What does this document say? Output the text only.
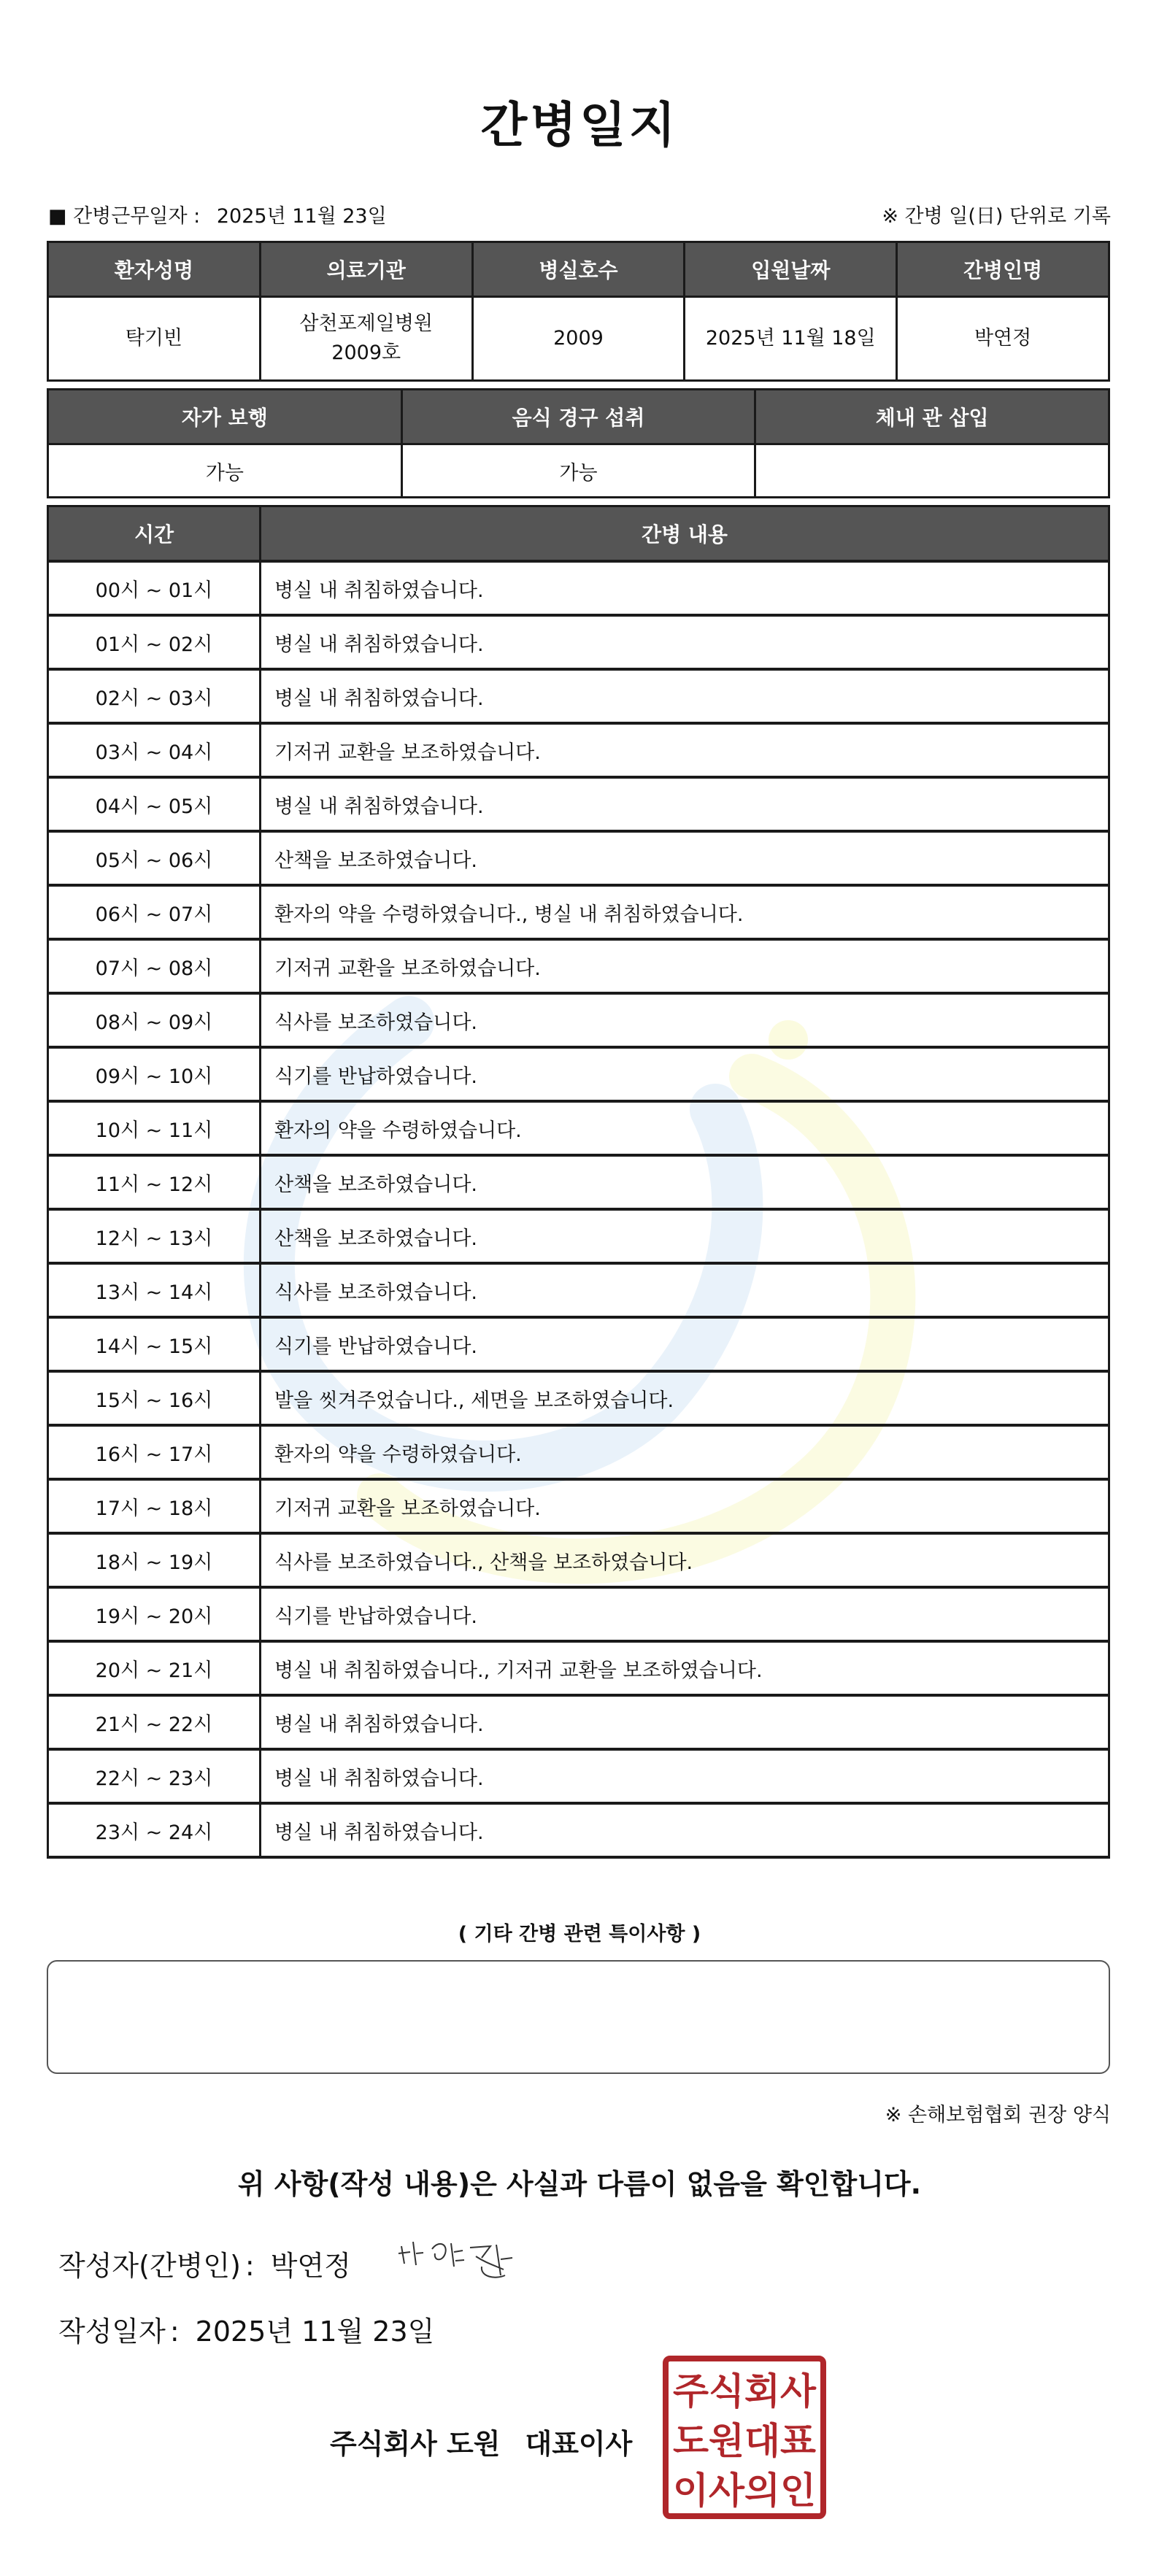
간병일지
■ 간병근무일자 : 2025년 11월 23일	※ 간병 일(日) 단위로 기록
환자성명	의료기관	병실호수	입원날짜	간병인명
탁기빈	삼천포제일병원 2009호	2009	2025년 11월 18일	박연정
자가 보행	음식 경구 섭취	체내 관 삽입
가능	가능	
시간	간병 내용
00시 ~ 01시	병실 내 취침하였습니다.
01시 ~ 02시	병실 내 취침하였습니다.
02시 ~ 03시	병실 내 취침하였습니다.
03시 ~ 04시	기저귀 교환을 보조하였습니다.
04시 ~ 05시	병실 내 취침하였습니다.
05시 ~ 06시	산책을 보조하였습니다.
06시 ~ 07시	환자의 약을 수령하였습니다., 병실 내 취침하였습니다.
07시 ~ 08시	기저귀 교환을 보조하였습니다.
08시 ~ 09시	식사를 보조하였습니다.
09시 ~ 10시	식기를 반납하였습니다.
10시 ~ 11시	환자의 약을 수령하였습니다.
11시 ~ 12시	산책을 보조하였습니다.
12시 ~ 13시	산책을 보조하였습니다.
13시 ~ 14시	식사를 보조하였습니다.
14시 ~ 15시	식기를 반납하였습니다.
15시 ~ 16시	발을 씻겨주었습니다., 세면을 보조하였습니다.
16시 ~ 17시	환자의 약을 수령하였습니다.
17시 ~ 18시	기저귀 교환을 보조하였습니다.
18시 ~ 19시	식사를 보조하였습니다., 산책을 보조하였습니다.
19시 ~ 20시	식기를 반납하였습니다.
20시 ~ 21시	병실 내 취침하였습니다., 기저귀 교환을 보조하였습니다.
21시 ~ 22시	병실 내 취침하였습니다.
22시 ~ 23시	병실 내 취침하였습니다.
23시 ~ 24시	병실 내 취침하였습니다.
( 기타 간병 관련 특이사항 )
※ 손해보험협회 권장 양식
위 사항(작성 내용)은 사실과 다름이 없음을 확인합니다.
작성자(간병인) : 박연정
작성일자 : 2025년 11월 23일
주식회사 도원 대표이사
주식회사
도원대표
이사의인
